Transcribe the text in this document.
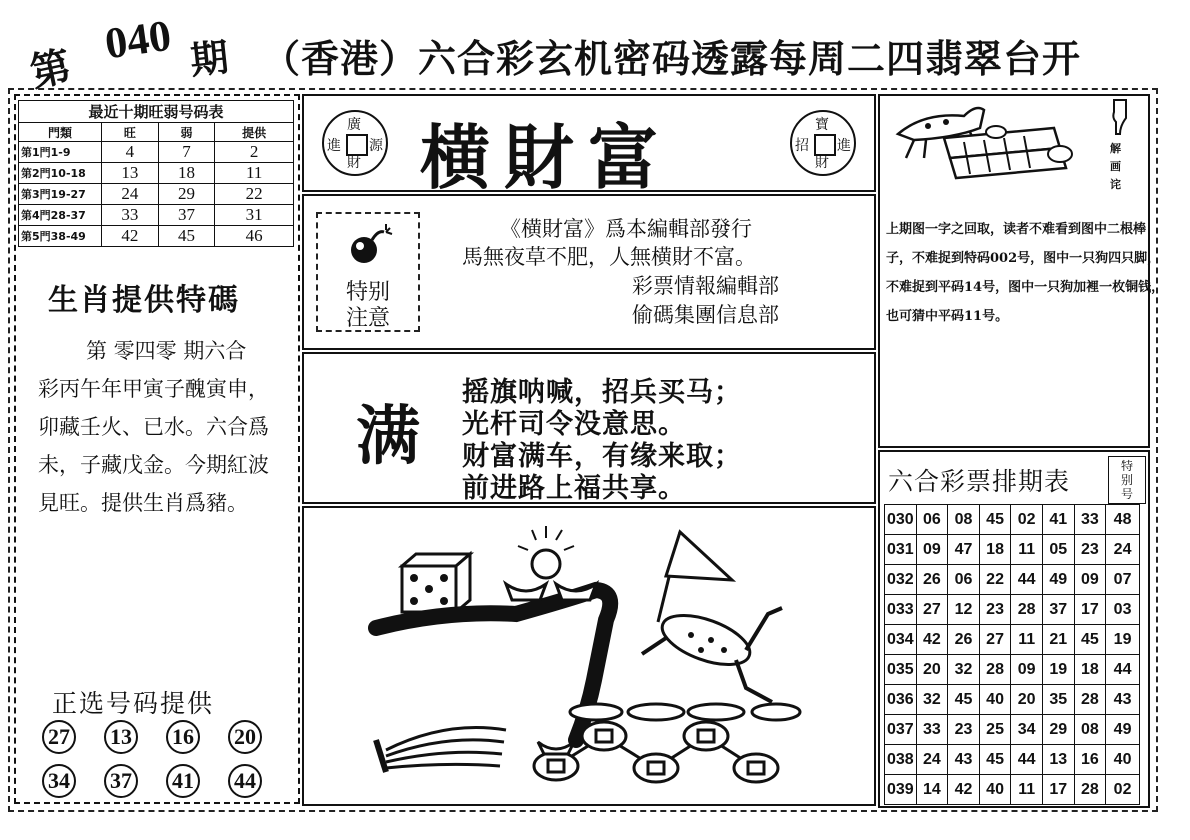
第
040 期 （香港）六合彩玄机密码透露每周二四翡翠台开
最近十期旺弱号码表			
門類	旺	弱	提供
第1門1-9	4	7	2
第2門10-18	13	18	11
第3門19-27	24	29	22
第4門28-37	33	37	31
第5門38-49	42	45	46
生肖提供特碼
第 零四零 期六合
彩丙午年甲寅子醜寅申，卯藏壬火、已水。六合爲未，子藏戊金。今期紅波見旺。提供生肖爲豬。
正选号码提供
27 13 16 20
34 37 41 44
廣
進 源
財 横財富	寶
招 進
財
特别
注意
《横財富》爲本編輯部發行
馬無夜草不肥，人無横財不富。
彩票情報編輯部
偷碼集團信息部
满
摇旗呐喊，招兵买马；
光杆司令没意思。
财富满车，有缘来取；
前进路上福共享。
解
画
诧
上期图一字之回取，读者不难看到图中二根棒子，不难捉到特码002号，图中一只狗四只脚，不难捉到平码14号，图中一只狗加裡一枚铜钱，也可猜中平码11号。
六合彩票排期表
特
别
号
030	06	08	45	02	41	33	48
031	09	47	18	11	05	23	24
032	26	06	22	44	49	09	07
033	27	12	23	28	37	17	03
034	42	26	27	11	21	45	19
035	20	32	28	09	19	18	44
036	32	45	40	20	35	28	43
037	33	23	25	34	29	08	49
038	24	43	45	44	13	16	40
039	14	42	40	11	17	28	02
